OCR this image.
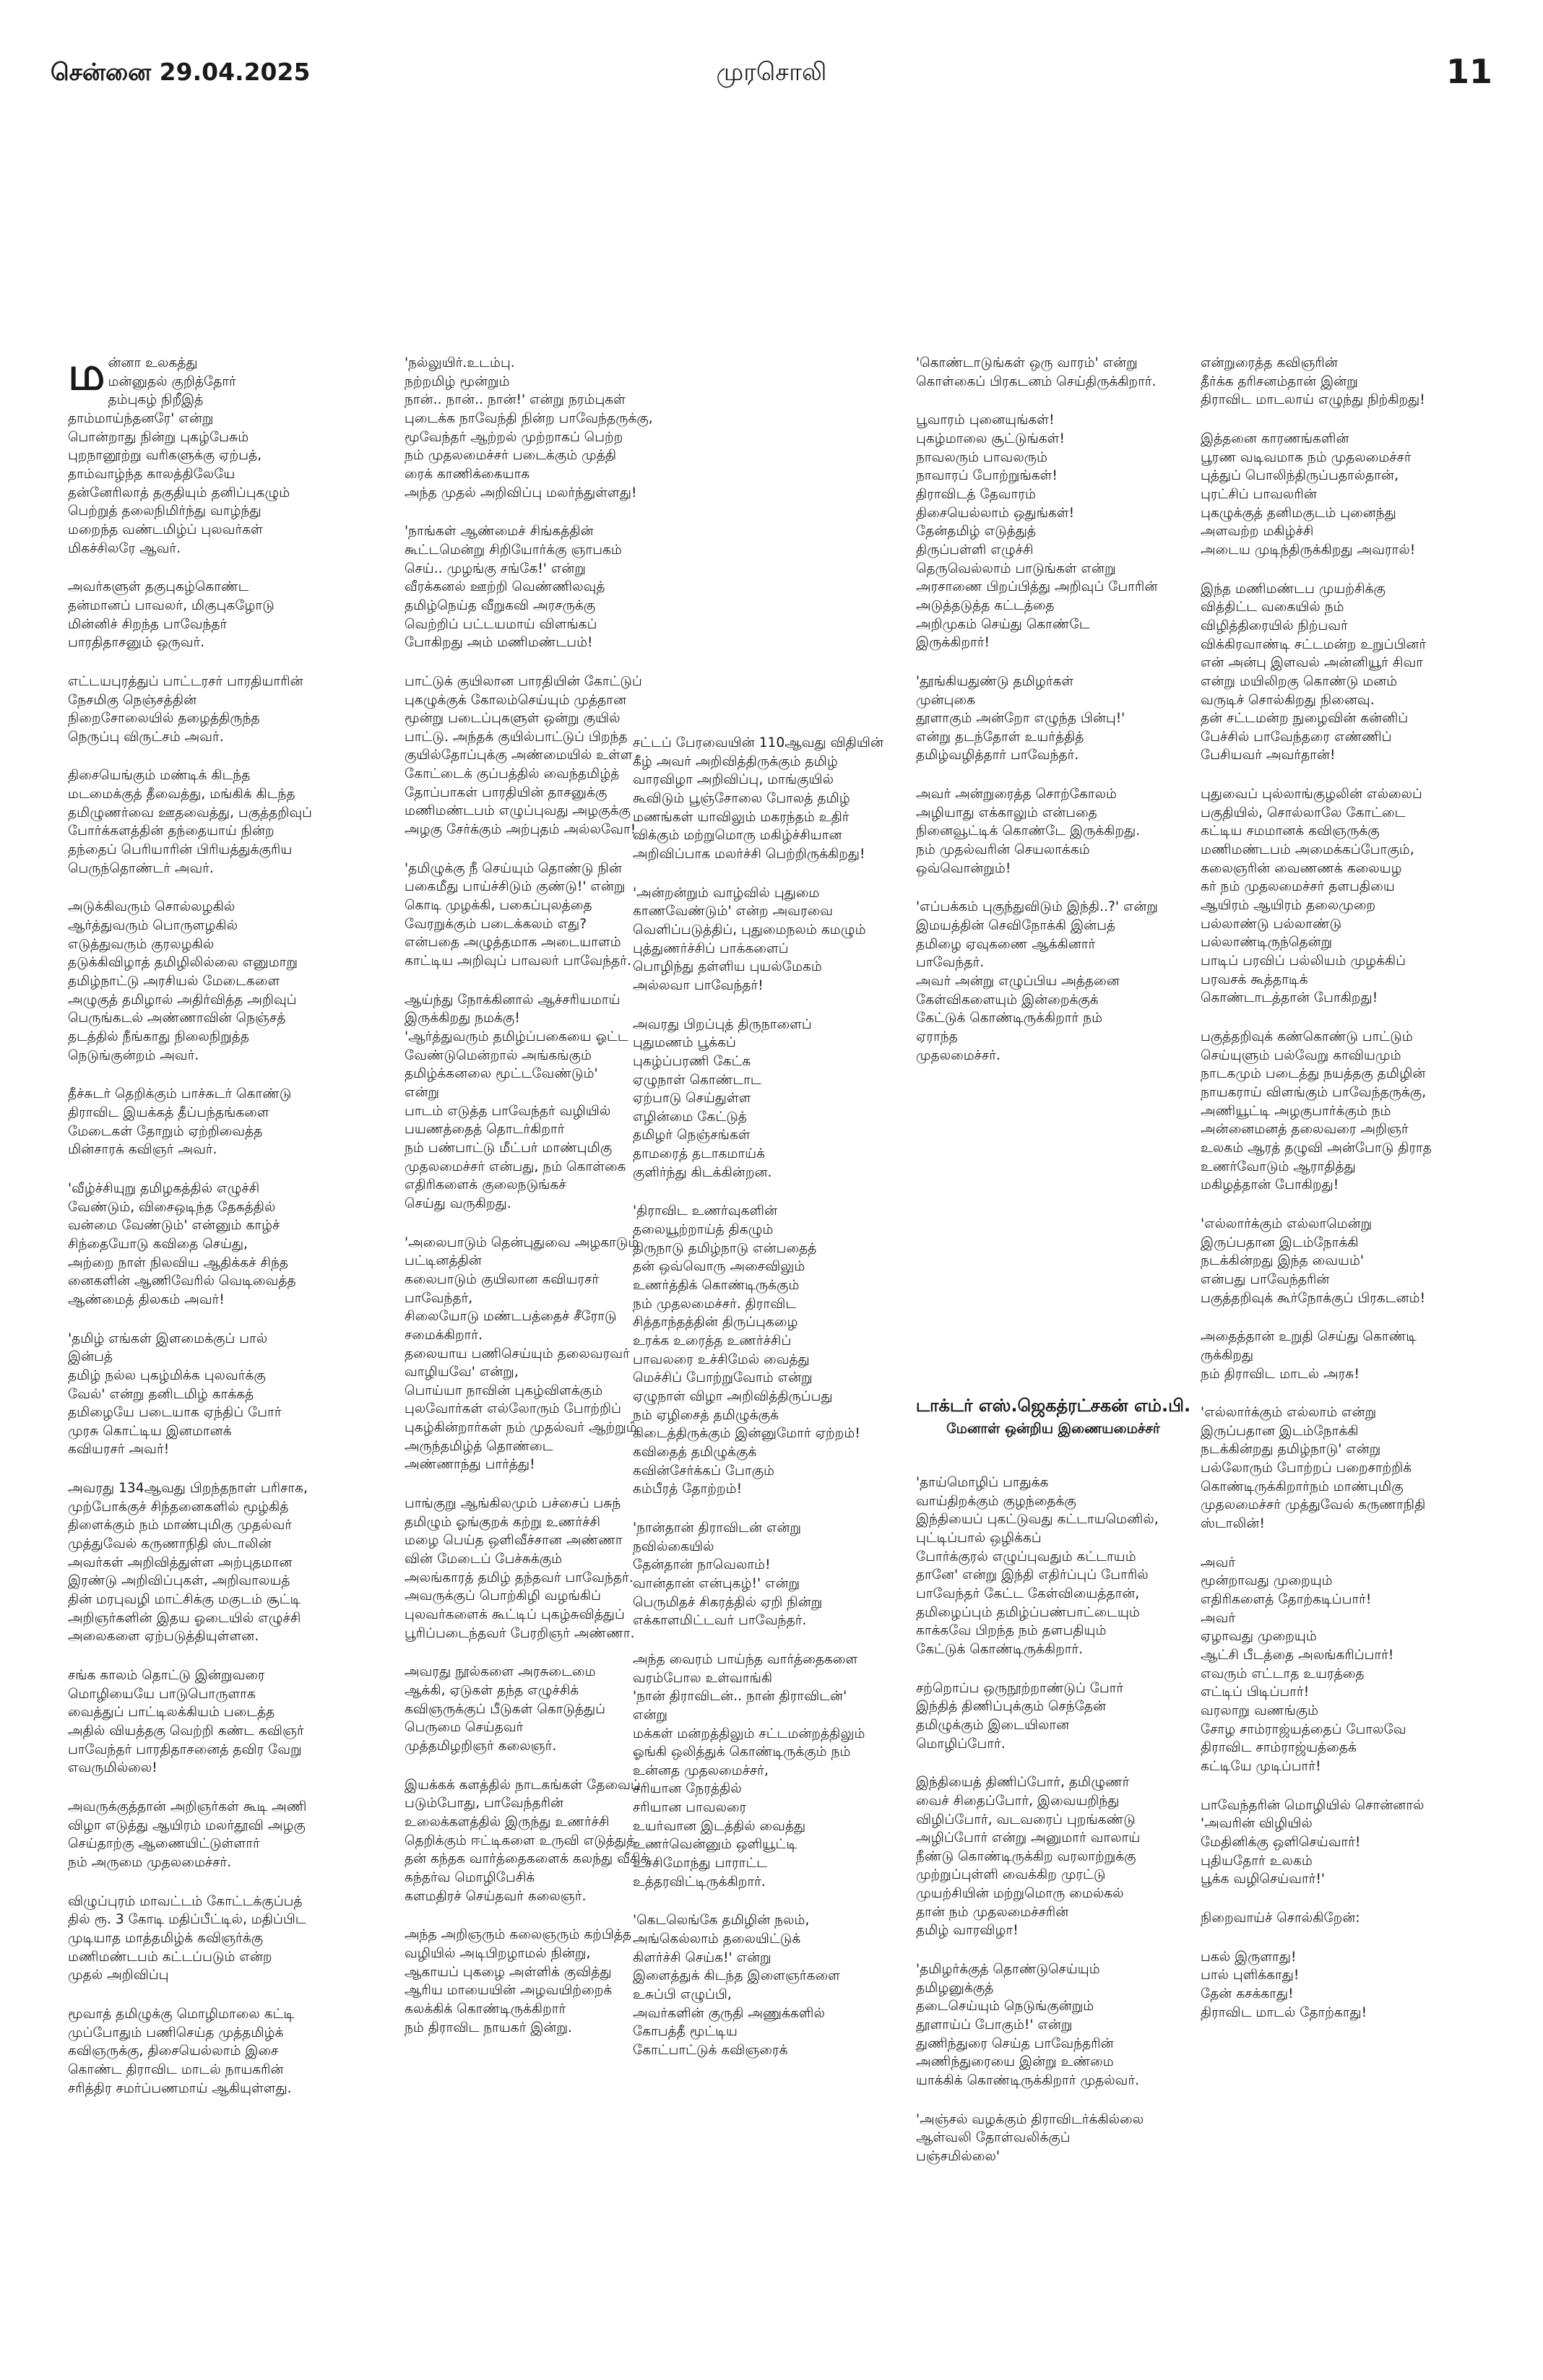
சென்னை 29.04.2025	முரசொலி	11

மன்னா உலகத்து
மன்னுதல் குறித்தோர்
தம்புகழ் நிறீஇத்
தாம்மாய்ந்தனரே' என்று
பொன்றாது நின்று புகழ்பேசும்
புறநானூற்று வரிகளுக்கு ஏற்பத்,
தாம்வாழ்ந்த காலத்திலேயே
தன்னேரிலாத் தகுதியும் தனிப்புகழும்
பெற்றுத் தலைநிமிர்ந்து வாழ்ந்து
மறைந்த வண்டமிழ்ப் புலவர்கள்
மிகச்சிலரே ஆவர்.

அவர்களுள் தகுபுகழ்கொண்ட
தன்மானப் பாவலர், மிகுபுகழோடு
மின்னிச் சிறந்த பாவேந்தர்
பாரதிதாசனும் ஒருவர்.

எட்டயபுரத்துப் பாட்டரசர் பாரதியாரின்
நேசமிகு நெஞ்சத்தின்
நிறைசோலையில் தழைத்திருந்த
நெருப்பு விருட்சம் அவர்.

திசையெங்கும் மண்டிக் கிடந்த
மடமைக்குத் தீவைத்து, மங்கிக் கிடந்த
தமிழுணர்வை ஊதவைத்து, பகுத்தறிவுப்
போர்க்களத்தின் தந்தையாய் நின்ற
தந்தைப் பெரியாரின் பிரியத்துக்குரிய
பெருந்தொண்டர் அவர்.

அடுக்கிவரும் சொல்லழகில்
ஆர்த்துவரும் பொருளழகில்
எடுத்துவரும் குரலழகில்
தடுக்கிவிழாத் தமிழிலில்லை எனுமாறு
தமிழ்நாட்டு அரசியல் மேடைகளை
அழுகுத் தமிழால் அதிர்வித்த அறிவுப்
பெருங்கடல் அண்ணாவின் நெஞ்சத்
தடத்தில் நீங்காது நிலைநிறுத்த
நெடுங்குன்றம் அவர்.

தீச்சுடர் தெறிக்கும் பாச்சுடர் கொண்டு
திராவிட இயக்கத் தீப்பந்தங்களை
மேடைகள் தோறும் ஏற்றிவைத்த
மின்சாரக் கவிஞர் அவர்.

'வீழ்ச்சியுறு தமிழகத்தில் எழுச்சி
வேண்டும், விசைஒடிந்த தேகத்தில்
வன்மை வேண்டும்' என்னும் காழ்ச்
சிந்தையோடு கவிதை செய்து,
அற்றை நாள் நிலவிய ஆதிக்கச் சிந்த
னைகளின் ஆணிவேரில் வெடிவைத்த
ஆண்மைத் திலகம் அவர்!

'தமிழ் எங்கள் இளமைக்குப் பால்
இன்பத்
தமிழ் நல்ல புகழ்மிக்க புலவர்க்கு
வேல்' என்று தனிடமிழ் காக்கத்
தமிழையே படையாக ஏந்திப் போர்
முரசு கொட்டிய இனமானக்
கவியரசர் அவர்!

அவரது 134ஆவது பிறந்தநாள் பரிசாக,
முற்போக்குச் சிந்தனைகளில் மூழ்கித்
திளைக்கும் நம் மாண்புமிகு முதல்வர்
முத்துவேல் கருணாநிதி ஸ்டாலின்
அவர்கள் அறிவித்துள்ள அற்புதமான
இரண்டு அறிவிப்புகள், அறிவாலயத்
தின் மரபுவழி மாட்சிக்கு மகுடம் சூட்டி
அறிஞர்களின் இதய ஓடையில் எழுச்சி
அலைகளை ஏற்படுத்தியுள்ளன.

சங்க காலம் தொட்டு இன்றுவரை
மொழியையே பாடுபொருளாக
வைத்துப் பாட்டிலக்கியம் படைத்த
அதில் வியத்தகு வெற்றி கண்ட கவிஞர்
பாவேந்தர் பாரதிதாசனைத் தவிர வேறு
எவருமில்லை!

அவருக்குத்தான் அறிஞர்கள் கூடி அணி
விழா எடுத்து ஆயிரம் மலர்தூவி அழகு
செய்தாற்கு ஆணையிட்டுள்ளார்
நம் அருமை முதலமைச்சர்.

விழுப்புரம் மாவட்டம் கோட்டக்குப்பத்
தில் ரூ. 3 கோடி மதிப்பீட்டில், மதிப்பிட
முடியாத மாத்தமிழ்க் கவிஞர்க்கு
மணிமண்டபம் கட்டப்படும் என்ற
முதல் அறிவிப்பு

மூவாத் தமிழுக்கு மொழிமாலை கட்டி
முப்போதும் பணிசெய்த முத்தமிழ்க்
கவிஞருக்கு, திசையெல்லாம் இசை
கொண்ட திராவிட மாடல் நாயகரின்
சரித்திர சமர்ப்பணமாய் ஆகியுள்ளது.

'நல்லுயிர்.உடம்பு.
நற்றமிழ் மூன்றும்
நான்.. நான்.. நான்!' என்று நரம்புகள்
புடைக்க நாவேந்தி நின்ற பாவேந்தருக்கு,
மூவேந்தர் ஆற்றல் முற்றாகப் பெற்ற
நம் முதலமைச்சர் படைக்கும் முத்தி
ரைக் காணிக்கையாக
அந்த முதல் அறிவிப்பு மலர்ந்துள்ளது!

'நாங்கள் ஆண்மைச் சிங்கத்தின்
கூட்டமென்று சிறியோர்க்கு ஞாபகம்
செய்.. முழங்கு சங்கே!' என்று
வீரக்கனல் ஊற்றி வெண்ணிலவுத்
தமிழ்நெய்த வீறுகவி அரசருக்கு
வெற்றிப் பட்டயமாய் விளங்கப்
போகிறது அம் மணிமண்டபம்!

பாட்டுக் குயிலான பாரதியின் கோட்டுப்
புகழுக்குக் கோலம்செய்யும் முத்தான
மூன்று படைப்புகளுள் ஒன்று குயில்
பாட்டு. அந்தக் குயில்பாட்டுப் பிறந்த
குயில்தோப்புக்கு அண்மையில் உள்ள
கோட்டைக் குப்பத்தில் வைந்தமிழ்த்
தோப்பாகள் பாரதியின் தாசனுக்கு
மணிமண்டபம் எழுப்புவது அழகுக்கு
அழகு சேர்க்கும் அற்புதம் அல்லவோ!

'தமிழுக்கு நீ செய்யும் தொண்டு நின்
பகைமீது பாய்ச்சிடும் குண்டு!' என்று
கொடி முழக்கி, பகைப்புலத்தை
வேரறுக்கும் படைக்கலம் எது?
என்பதை அழுத்தமாக அடையாளம்
காட்டிய அறிவுப் பாவலர் பாவேந்தர்.

ஆய்ந்து நோக்கினால் ஆச்சரியமாய்
இருக்கிறது நமக்கு!
'ஆர்த்துவரும் தமிழ்ப்பகையை ஓட்ட
வேண்டுமென்றால் அங்கங்கும்
தமிழ்க்கனலை மூட்டவேண்டும்'
என்று
பாடம் எடுத்த பாவேந்தர் வழியில்
பயணத்தைத் தொடர்கிறார்
நம் பண்பாட்டு மீட்பர் மாண்புமிகு
முதலமைச்சர் என்பது, நம் கொள்கை
எதிரிகளைக் குலைநடுங்கச்
செய்து வருகிறது.

'அலைபாடும் தென்புதுவை அழகாடும்
பட்டினத்தின்
கலைபாடும் குயிலான கவியரசர்
பாவேந்தர்,
சிலையோடு மண்டபத்தைச் சீரோடு
சமைக்கிறார்.
தலையாய பணிசெய்யும் தலைவரவர்
வாழியவே' என்று,
பொய்யா நாவின் புகழ்விளக்கும்
புலவோர்கள் எல்லோரும் போற்றிப்
புகழ்கின்றார்கள் நம் முதல்வர் ஆற்றும்
அருந்தமிழ்த் தொண்டை
அண்ணாந்து பார்த்து!

பாங்குறு ஆங்கிலமும் பச்சைப் பசுந்
தமிழும் ஓங்குறக் கற்று உணர்ச்சி
மழை பெய்த ஒளிவீச்சான அண்ணா
வின் மேடைப் பேச்சுக்கும்
அலங்காரத் தமிழ் தந்தவர் பாவேந்தர்.
அவருக்குப் பொற்கிழி வழங்கிப்
புலவர்களைக் கூட்டிப் புகழ்சுவித்துப்
பூரிப்படைந்தவர் பேரறிஞர் அண்ணா.

அவரது நூல்களை அரசுடைமை
ஆக்கி, ஏடுகள் தந்த எழுச்சிக்
கவிஞருக்குப் பீடுகள் கொடுத்துப்
பெருமை செய்தவர்
முத்தமிழறிஞர் கலைஞர்.

இயக்கக் களத்தில் நாடகங்கள் தேவைப்
படும்போது, பாவேந்தரின்
உலைக்களத்தில் இருந்து உணர்ச்சி
தெறிக்கும் ஈட்டிகளை உருவி எடுத்துத்
தன் கந்தக வார்த்தைகளைக் கலந்து வீசிக்
கந்தர்வ மொழிபேசிக்
களமதிரச் செய்தவர் கலைஞர்.

அந்த அறிஞரும் கலைஞரும் கற்பித்த
வழியில் அடிபிறழாமல் நின்று,
ஆகாயப் புகழை அள்ளிக் குவித்து
ஆரிய மாயையின் அழவயிற்றைக்
கலக்கிக் கொண்டிருக்கிறார்
நம் திராவிட நாயகர் இன்று.

சட்டப் பேரவையின் 110ஆவது விதியின்
கீழ் அவர் அறிவித்திருக்கும் தமிழ்
வாரவிழா அறிவிப்பு, மாங்குயில்
கூவிடும் பூஞ்சோலை போலத் தமிழ்
மணங்கள் யாவிலும் மகரந்தம் உதிர்
விக்கும் மற்றுமொரு மகிழ்ச்சியான
அறிவிப்பாக மலர்ச்சி பெற்றிருக்கிறது!

'அன்றன்றும் வாழ்வில் புதுமை
காணவேண்டும்' என்ற அவரவை
வெளிப்படுத்திப், புதுமைநலம் கமழும்
புத்துணர்ச்சிப் பாக்களைப்
பொழிந்து தள்ளிய புயல்மேகம்
அல்லவா பாவேந்தர்!

அவரது பிறப்புத் திருநாளைப்
புதுமணம் பூக்கப்
புகழ்ப்பரணி கேட்க
ஏழுநாள் கொண்டாட
ஏற்பாடு செய்துள்ள
எழின்மை கேட்டுத்
தமிழர் நெஞ்சங்கள்
தாமரைத் தடாகமாய்க்
குளிர்ந்து கிடக்கின்றன.

'திராவிட உணர்வுகளின்
தலையூற்றாய்த் திகழும்
திருநாடு தமிழ்நாடு என்பதைத்
தன் ஒவ்வொரு அசைவிலும்
உணர்த்திக் கொண்டிருக்கும்
நம் முதலமைச்சர். திராவிட
சித்தாந்தத்தின் திருப்புகழை
உரக்க உரைத்த உணர்ச்சிப்
பாவலரை உச்சிமேல் வைத்து
மெச்சிப் போற்றுவோம் என்று
ஏழுநாள் விழா அறிவித்திருப்பது
நம் ஏழிசைத் தமிழுக்குக்
கிடைத்திருக்கும் இன்னுமோர் ஏற்றம்!
கவிதைத் தமிழுக்குக்
கவின்சேர்க்கப் போகும்
கம்பீரத் தோற்றம்!

'நான்தான் திராவிடன் என்று
நவில்கையில்
தேன்தான் நாவெலாம்!
வான்தான் என்புகழ்!' என்று
பெருமிதச் சிகரத்தில் ஏறி நின்று
எக்காளமிட்டவர் பாவேந்தர்.

அந்த வைரம் பாய்ந்த வார்த்தைகளை
வரம்போல உள்வாங்கி
'நான் திராவிடன்.. நான் திராவிடன்'
என்று
மக்கள் மன்றத்திலும் சட்டமன்றத்திலும்
ஓங்கி ஒலித்துக் கொண்டிருக்கும் நம்
உன்னத முதலமைச்சர்,
சரியான நேரத்தில்
சரியான பாவலரை
உயர்வான இடத்தில் வைத்து
உணர்வென்னும் ஒளியூட்டி
உச்சிமோந்து பாராட்ட
உத்தரவிட்டிருக்கிறார்.

'கெடலெங்கே தமிழின் நலம்,
அங்கெல்லாம் தலையிட்டுக்
கிளர்ச்சி செய்க!' என்று
இளைத்துக் கிடந்த இளைஞர்களை
உசுப்பி எழுப்பி,
அவர்களின் குருதி அணுக்களில்
கோபத்தீ மூட்டிய
கோட்பாட்டுக் கவிஞரைக்

'கொண்டாடுங்கள் ஒரு வாரம்' என்று
கொள்கைப் பிரகடனம் செய்திருக்கிறார்.

பூவாரம் புனையுங்கள்!
புகழ்மாலை சூட்டுங்கள்!
நாவலரும் பாவலரும்
நாவாரப் போற்றுங்கள்!
திராவிடத் தேவாரம்
திசையெல்லாம் ஒதுங்கள்!
தேன்தமிழ் எடுத்துத்
திருப்பள்ளி எழுச்சி
தெருவெல்லாம் பாடுங்கள் என்று
அரசாணை பிறப்பித்து அறிவுப் போரின்
அடுத்தடுத்த கட்டத்தை
அறிமுகம் செய்து கொண்டே
இருக்கிறார்!

'தூங்கியதுண்டு தமிழர்கள்
முன்புகை
தூளாகும் அன்றோ எழுந்த பின்பு!'
என்று தடந்தோள் உயர்த்தித்
தமிழ்வழித்தார் பாவேந்தர்.

அவர் அன்றுரைத்த சொற்கோலம்
அழியாது எக்காலும் என்பதை
நினைவூட்டிக் கொண்டே இருக்கிறது.
நம் முதல்வரின் செயலாக்கம்
ஒவ்வொன்றும்!

'எப்பக்கம் புகுந்துவிடும் இந்தி..?' என்று
இமயத்தின் செவிநோக்கி இன்பத்
தமிழை ஏவுகணை ஆக்கினார்
பாவேந்தர்.
அவர் அன்று எழுப்பிய அத்தனை
கேள்விகளையும் இன்றைக்குக்
கேட்டுக் கொண்டிருக்கிறார் நம்
ஏராந்த
முதலமைச்சர்.

டாக்டர் எஸ்.ஜெகத்ரட்சகன் எம்.பி.
மேனாள் ஒன்றிய இணையமைச்சர்

'தாய்மொழிப் பாதுக்க
வாய்திறக்கும் குழந்தைக்கு
இந்தியைப் புகட்டுவது கட்டாயமெனில்,
புட்டிப்பால் ஒழிக்கப்
போர்க்குரல் எழுப்புவதும் கட்டாயம்
தானே' என்று இந்தி எதிர்ப்புப் போரில்
பாவேந்தர் கேட்ட கேள்வியைத்தான்,
தமிழைப்பும் தமிழ்ப்பண்பாட்டையும்
காக்கவே பிறந்த நம் தளபதியும்
கேட்டுக் கொண்டிருக்கிறார்.

சற்றொப்ப ஒருநூற்றாண்டுப் போர்
இந்தித் திணிப்புக்கும் செந்தேன்
தமிழுக்கும் இடையிலான
மொழிப்போர்.

இந்தியைத் திணிப்போர், தமிழுணர்
வைச் சிதைப்போர், இவையறிந்து
விழிப்போர், வடவரைப் புறங்கண்டு
அழிப்போர் என்று அனுமார் வாலாய்
நீண்டு கொண்டிருக்கிற வரலாற்றுக்கு
முற்றுப்புள்ளி வைக்கிற முரட்டு
முயற்சியின் மற்றுமொரு மைல்கல்
தான் நம் முதலமைச்சரின்
தமிழ் வாரவிழா!

'தமிழர்க்குத் தொண்டுசெய்யும்
தமிழனுக்குத்
தடைசெய்யும் நெடுங்குன்றும்
தூளாய்ப் போகும்!' என்று
துணிந்துரை செய்த பாவேந்தரின்
அணிந்துரையை இன்று உண்மை
யாக்கிக் கொண்டிருக்கிறார் முதல்வர்.

'அஞ்சல் வழக்கும் திராவிடர்க்கில்லை
ஆள்வலி தோள்வலிக்குப்
பஞ்சமில்லை'

என்றுரைத்த கவிஞரின்
தீர்க்க தரிசனம்தான் இன்று
திராவிட மாடலாய் எழுந்து நிற்கிறது!

இத்தனை காரணங்களின்
பூரண வடிவமாக நம் முதலமைச்சர்
புத்துப் பொலிந்திருப்பதால்தான்,
புரட்சிப் பாவலரின்
புகழுக்குத் தனிமகுடம் புனைந்து
அளவற்ற மகிழ்ச்சி
அடைய முடிந்திருக்கிறது அவரால்!

இந்த மணிமண்டப முயற்சிக்கு
வித்திட்ட வகையில் நம்
விழித்திரையில் நிற்பவர்
விக்கிரவாண்டி சட்டமன்ற உறுப்பினர்
என் அன்பு இளவல் அன்னியூர் சிவா
என்று மயிலிறகு கொண்டு மனம்
வருடிச் சொல்கிறது நினைவு.
தன் சட்டமன்ற நுழைவின் கன்னிப்
பேச்சில் பாவேந்தரை எண்ணிப்
பேசியவர் அவர்தான்!

புதுவைப் புல்லாங்குழலின் எல்லைப்
பகுதியில், சொல்லாலே கோட்டை
கட்டிய சமமானக் கவிஞருக்கு
மணிமண்டபம் அமைக்கப்போகும்,
கலைஞரின் வைணணக் கலையழ
கர் நம் முதலமைச்சர் தளபதியை
ஆயிரம் ஆயிரம் தலைமுறை
பல்லாண்டு பல்லாண்டு
பல்லாண்டிருந்தென்று
பாடிப் பரவிப் பல்லியம் முழக்கிப்
பரவசக் கூத்தாடிக்
கொண்டாடத்தான் போகிறது!

பகுத்தறிவுக் கண்கொண்டு பாட்டும்
செய்யுளும் பல்வேறு காவியமும்
நாடகமும் படைத்து நயத்தகு தமிழின்
நாயகராய் விளங்கும் பாவேந்தருக்கு,
அணியூட்டி அழகுபார்க்கும் நம்
அன்னைமனத் தலைவரை அறிஞர்
உலகம் ஆரத் தழுவி அன்போடு திராத
உணர்வோடும் ஆராதித்து
மகிழத்தான் போகிறது!

'எல்லார்க்கும் எல்லாமென்று
இருப்பதான இடம்நோக்கி
நடக்கின்றது இந்த வையம்'
என்பது பாவேந்தரின்
பகுத்தறிவுக் கூர்நோக்குப் பிரகடனம்!

அதைத்தான் உறுதி செய்து கொண்டி
ருக்கிறது
நம் திராவிட மாடல் அரசு!

'எல்லார்க்கும் எல்லாம் என்று
இருப்பதான இடம்நோக்கி
நடக்கின்றது தமிழ்நாடு' என்று
பல்லோரும் போற்றப் பறைசாற்றிக்
கொண்டிருக்கிறார்நம் மாண்புமிகு
முதலமைச்சர் முத்துவேல் கருணாநிதி
ஸ்டாலின்!

அவர்
மூன்றாவது முறையும்
எதிரிகளைத் தோற்கடிப்பார்!
அவர்
ஏழாவது முறையும்
ஆட்சி பீடத்தை அலங்கரிப்பார்!
எவரும் எட்டாத உயரத்தை
எட்டிப் பிடிப்பார்!
வரலாறு வணங்கும்
சோழ சாம்ராஜ்யத்தைப் போலவே
திராவிட சாம்ராஜ்யத்தைக்
கட்டியே முடிப்பார்!

பாவேந்தரின் மொழியில் சொன்னால்
'அவரின் விழியில்
மேதினிக்கு ஒளிசெய்வார்!
புதியதோர் உலகம்
பூக்க வழிசெய்வார்!'

நிறைவாய்ச் சொல்கிறேன்:

பகல் இருளாது!
பால் புளிக்காது!
தேன் கசக்காது!
திராவிட மாடல் தோற்காது!
